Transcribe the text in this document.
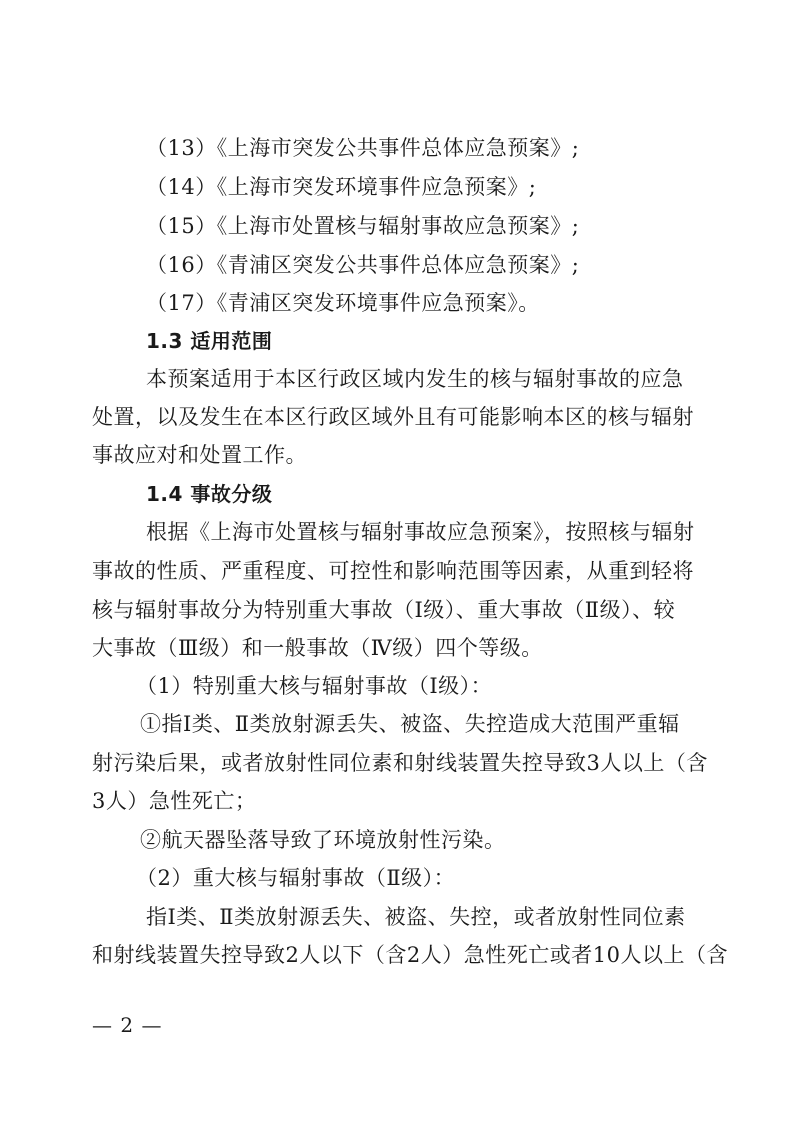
（13）《上海市突发公共事件总体应急预案》;
（14）《上海市突发环境事件应急预案》;
（15）《上海市处置核与辐射事故应急预案》;
（16）《青浦区突发公共事件总体应急预案》;
（17）《青浦区突发环境事件应急预案》。
1.3 适用范围
本预案适用于本区行政区域内发生的核与辐射事故的应急
处置，以及发生在本区行政区域外且有可能影响本区的核与辐射
事故应对和处置工作。
1.4 事故分级
根据《上海市处置核与辐射事故应急预案》，按照核与辐射
事故的性质、严重程度、可控性和影响范围等因素，从重到轻将
核与辐射事故分为特别重大事故（I级）、重大事故（Ⅱ级）、较
大事故（Ⅲ级）和一般事故（Ⅳ级）四个等级。
（1）特别重大核与辐射事故（I级）：
①指I类、Ⅱ类放射源丢失、被盗、失控造成大范围严重辐
射污染后果，或者放射性同位素和射线装置失控导致3人以上（含
3人）急性死亡；
②航天器坠落导致了环境放射性污染。
（2）重大核与辐射事故（Ⅱ级）：
指I类、Ⅱ类放射源丢失、被盗、失控，或者放射性同位素
和射线装置失控导致2人以下（含2人）急性死亡或者10人以上（含
— 2 —
